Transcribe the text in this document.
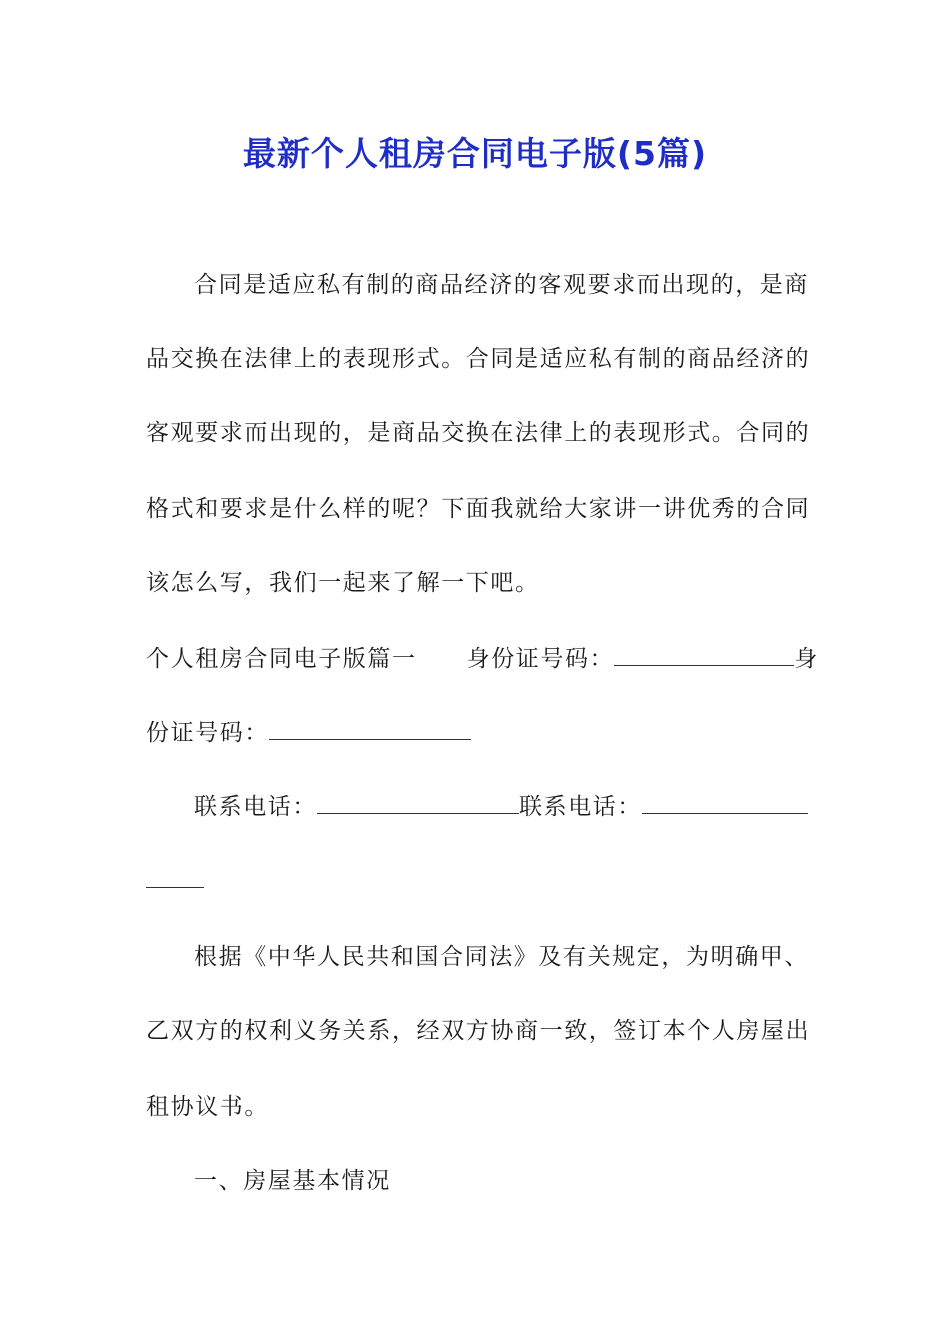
最新个人租房合同电子版(5篇)
合同是适应私有制的商品经济的客观要求而出现的，是商
品交换在法律上的表现形式。合同是适应私有制的商品经济的
客观要求而出现的，是商品交换在法律上的表现形式。合同的
格式和要求是什么样的呢？下面我就给大家讲一讲优秀的合同
该怎么写，我们一起来了解一下吧。
个人租房合同电子版篇一 身份证号码：	身
份证号码：
联系电话：	联系电话：
根据《中华人民共和国合同法》及有关规定，为明确甲、
乙双方的权利义务关系，经双方协商一致，签订本个人房屋出
租协议书。
一、房屋基本情况
